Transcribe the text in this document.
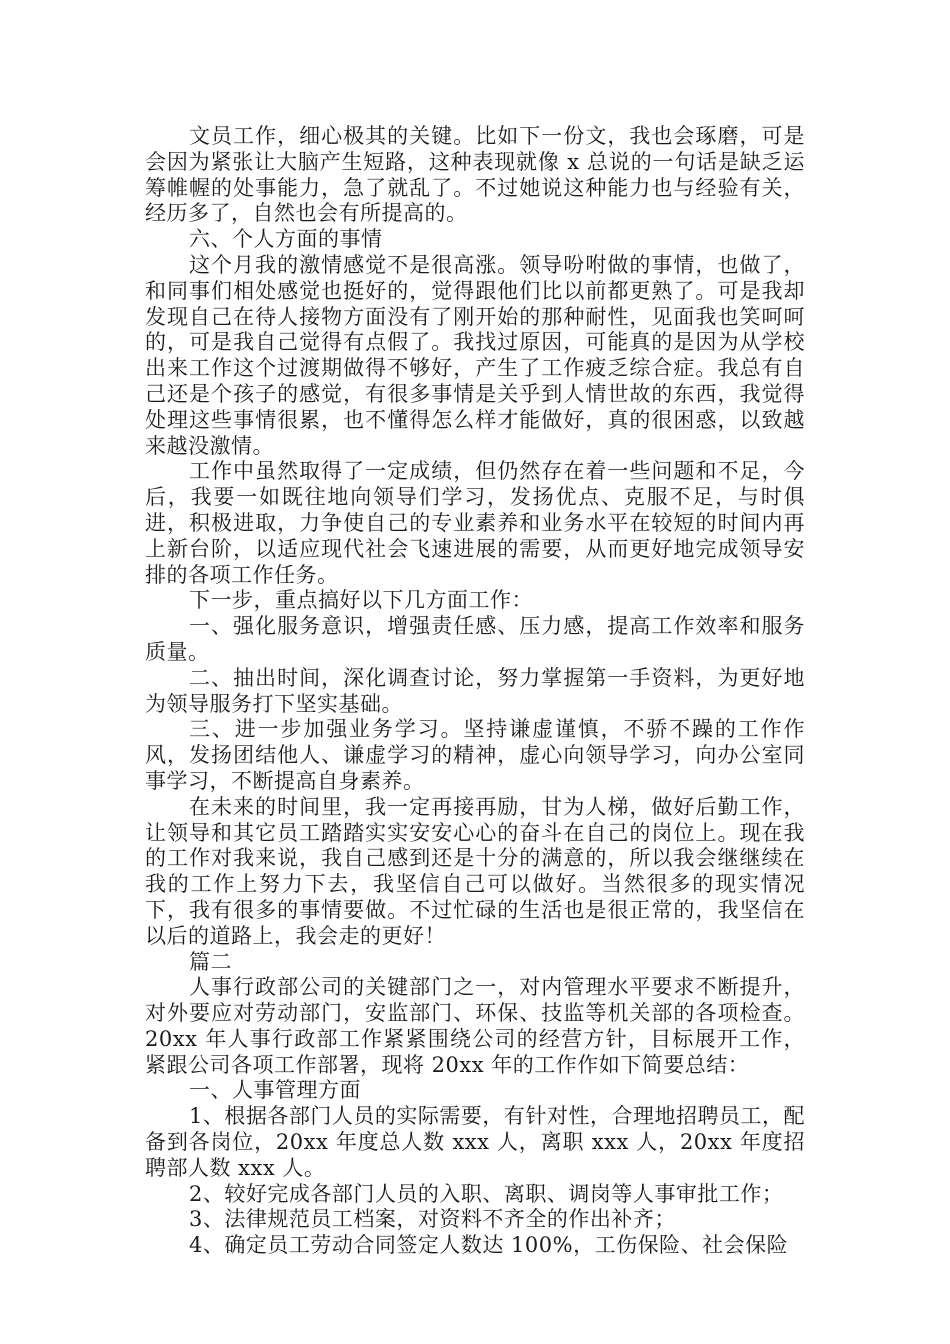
文员工作，细心极其的关键。比如下一份文，我也会琢磨，可是会因为紧张让大脑产生短路，这种表现就像 x 总说的一句话是缺乏运筹帷幄的处事能力，急了就乱了。不过她说这种能力也与经验有关，经历多了，自然也会有所提高的。

六、个人方面的事情

这个月我的激情感觉不是很高涨。领导吩咐做的事情，也做了，和同事们相处感觉也挺好的，觉得跟他们比以前都更熟了。可是我却发现自己在待人接物方面没有了刚开始的那种耐性，见面我也笑呵呵的，可是我自己觉得有点假了。我找过原因，可能真的是因为从学校出来工作这个过渡期做得不够好，产生了工作疲乏综合症。我总有自己还是个孩子的感觉，有很多事情是关乎到人情世故的东西，我觉得处理这些事情很累，也不懂得怎么样才能做好，真的很困惑，以致越来越没激情。

工作中虽然取得了一定成绩，但仍然存在着一些问题和不足，今后，我要一如既往地向领导们学习，发扬优点、克服不足，与时俱进，积极进取，力争使自己的专业素养和业务水平在较短的时间内再上新台阶，以适应现代社会飞速进展的需要，从而更好地完成领导安排的各项工作任务。

下一步，重点搞好以下几方面工作：

一、强化服务意识，增强责任感、压力感，提高工作效率和服务质量。

二、抽出时间，深化调查讨论，努力掌握第一手资料，为更好地为领导服务打下坚实基础。

三、进一步加强业务学习。坚持谦虚谨慎，不骄不躁的工作作风，发扬团结他人、谦虚学习的精神，虚心向领导学习，向办公室同事学习，不断提高自身素养。

在未来的时间里，我一定再接再励，甘为人梯，做好后勤工作，让领导和其它员工踏踏实实安安心心的奋斗在自己的岗位上。现在我的工作对我来说，我自己感到还是十分的满意的，所以我会继继续在我的工作上努力下去，我坚信自己可以做好。当然很多的现实情况下，我有很多的事情要做。不过忙碌的生活也是很正常的，我坚信在以后的道路上，我会走的更好！

篇二

人事行政部公司的关键部门之一，对内管理水平要求不断提升，对外要应对劳动部门，安监部门、环保、技监等机关部的各项检查。20xx 年人事行政部工作紧紧围绕公司的经营方针，目标展开工作，紧跟公司各项工作部署，现将 20xx 年的工作作如下简要总结：

一、人事管理方面

1、根据各部门人员的实际需要，有针对性，合理地招聘员工，配备到各岗位，20xx 年度总人数 xxx 人，离职 xxx 人，20xx 年度招聘部人数 xxx 人。

2、较好完成各部门人员的入职、离职、调岗等人事审批工作；

3、法律规范员工档案，对资料不齐全的作出补齐；

4、确定员工劳动合同签定人数达 100%，工伤保险、社会保险
